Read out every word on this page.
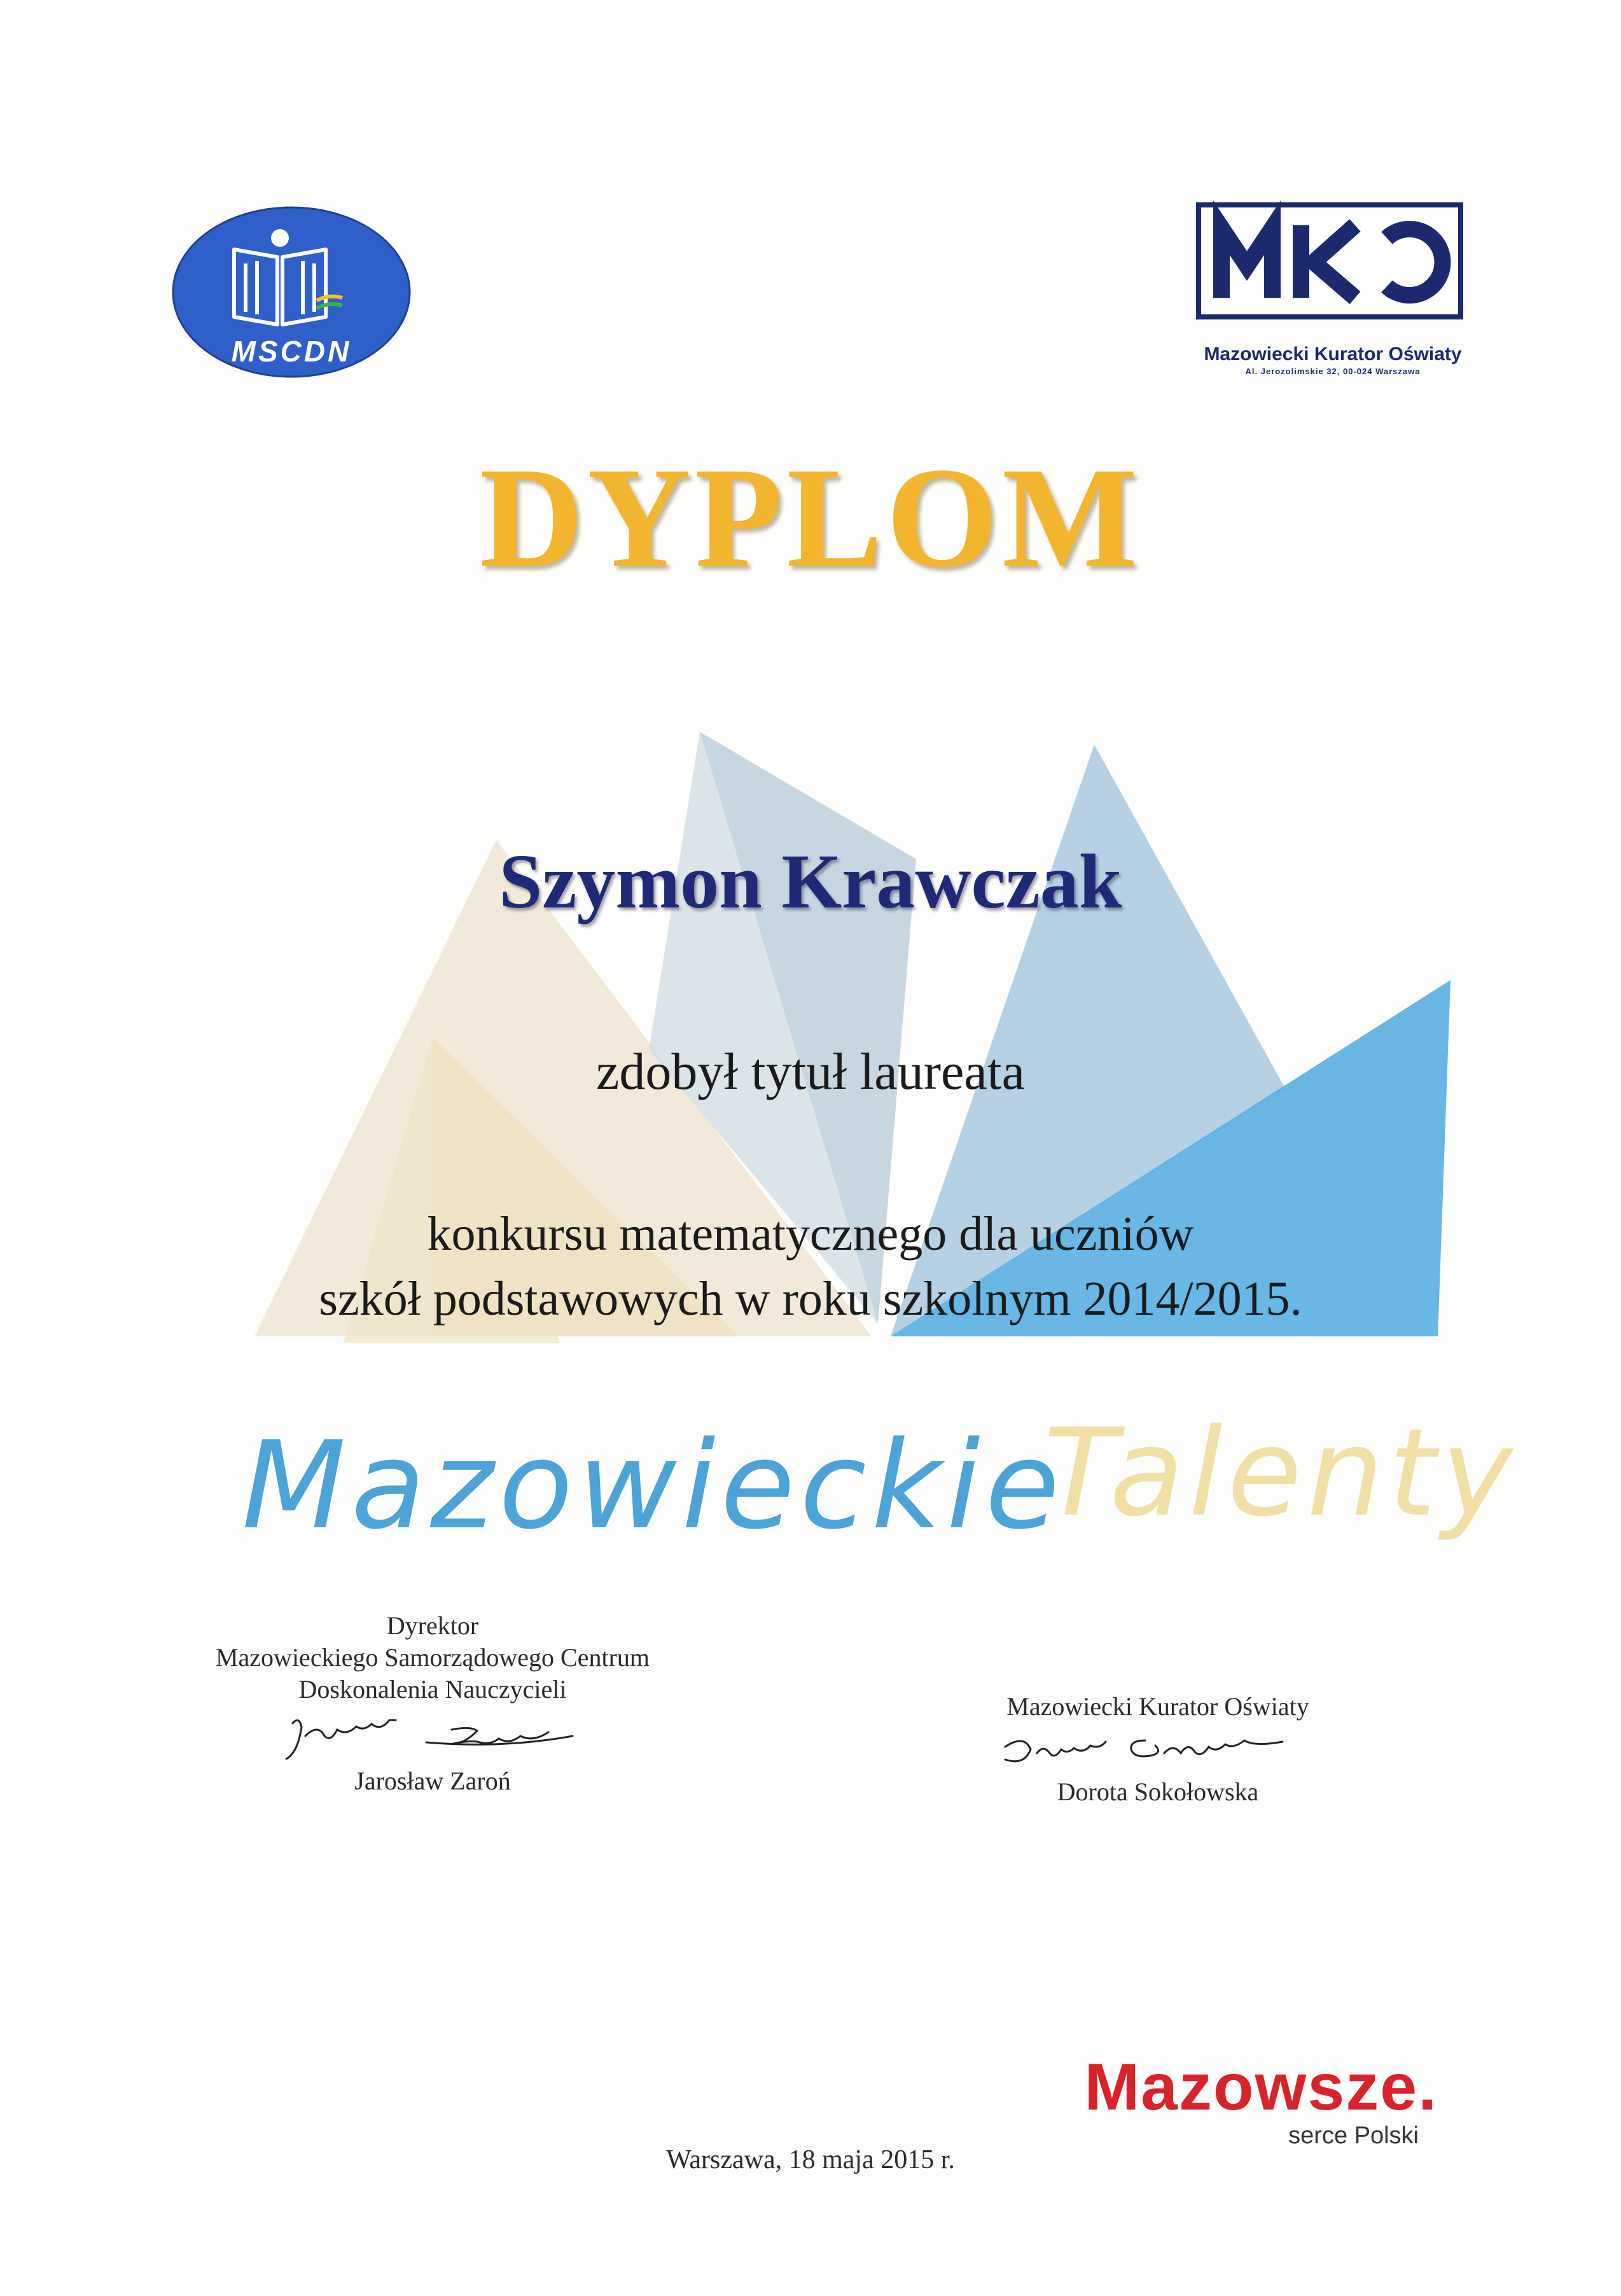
MSCDN	Mazowiecki Kurator Oświaty
Al. Jerozolimskie 32, 00-024 Warszawa
DYPLOM
Szymon Krawczak
zdobył tytuł laureata
konkursu matematycznego dla uczniów
szkół podstawowych w roku szkolnym 2014/2015.
Mazowieckie
Talenty
Dyrektor
Mazowieckiego Samorządowego Centrum
Doskonalenia Nauczycieli
Jarosław Zaroń
Mazowiecki Kurator Oświaty
Dorota Sokołowska
Mazowsze.
serce Polski
Warszawa, 18 maja 2015 r.
